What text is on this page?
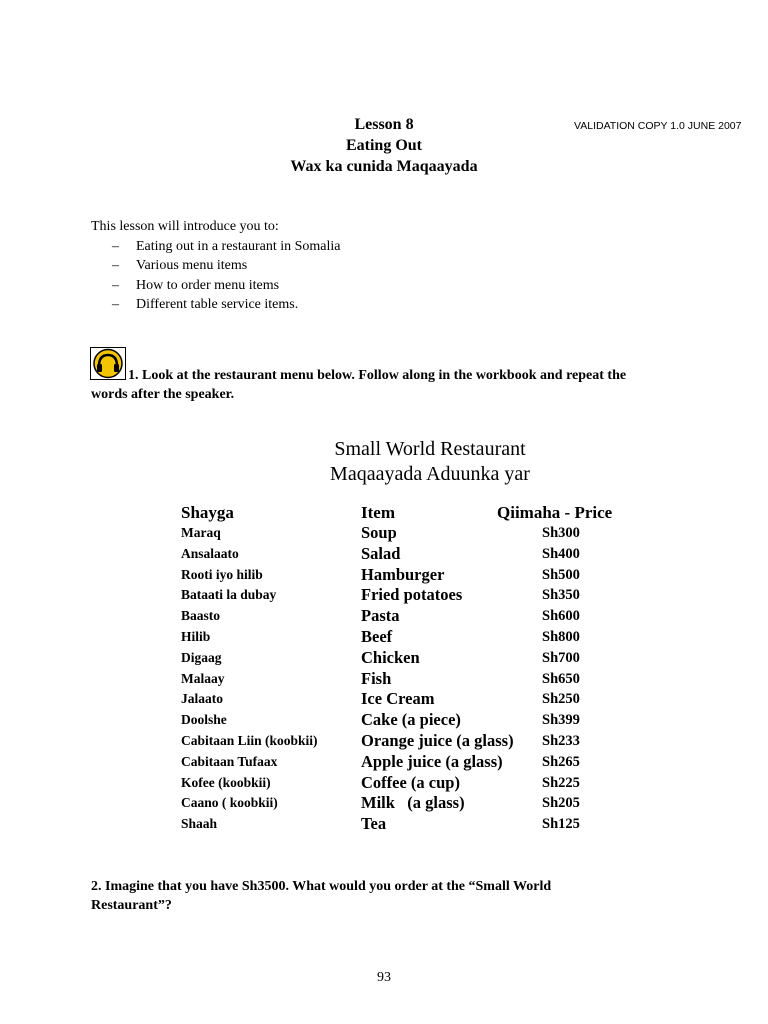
VALIDATION COPY 1.0 JUNE 2007
Lesson 8
Eating Out
Wax ka cunida Maqaayada
This lesson will introduce you to:
– Eating out in a restaurant in Somalia
– Various menu items
– How to order menu items
– Different table service items.
1. Look at the restaurant menu below. Follow along in the workbook and repeat the
words after the speaker.
Small World Restaurant
Maqaayada Aduunka yar
Shayga	Item	Qiimaha - Price
Maraq	Soup	Sh300
Ansalaato	Salad	Sh400
Rooti iyo hilib	Hamburger	Sh500
Bataati la dubay	Fried potatoes	Sh350
Baasto	Pasta	Sh600
Hilib	Beef	Sh800
Digaag	Chicken	Sh700
Malaay	Fish	Sh650
Jalaato	Ice Cream	Sh250
Doolshe	Cake (a piece)	Sh399
Cabitaan Liin (koobkii)	Orange juice (a glass) Sh233
Cabitaan Tufaax	Apple juice (a glass)	Sh265
Kofee (koobkii)	Coffee (a cup)	Sh225
Caano ( koobkii)	Milk   (a glass)	Sh205
Shaah	Tea	Sh125
2. Imagine that you have Sh3500. What would you order at the “Small World
Restaurant”?
93
